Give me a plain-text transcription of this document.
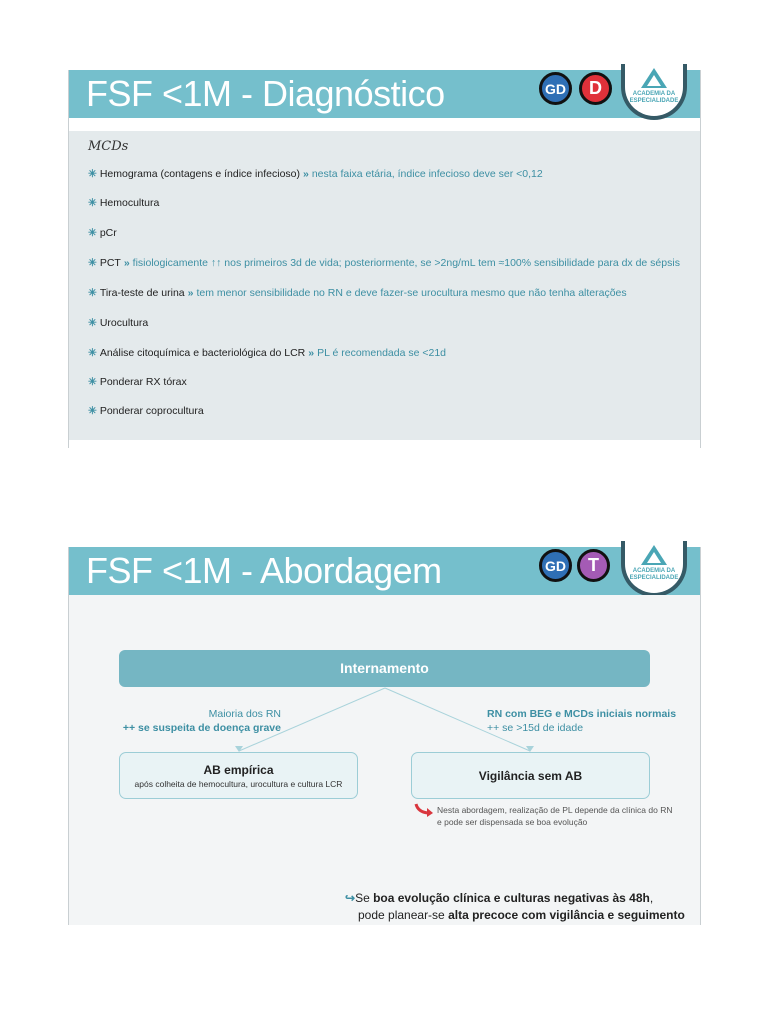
FSF <1M - Diagnóstico	GD	D	ACADEMIA DA ESPECIALIDADE
MCDs
✳ Hemograma (contagens e índice infecioso) » nesta faixa etária, índice infecioso deve ser <0,12
✳ Hemocultura
✳ pCr
✳ PCT » fisiologicamente ↑↑ nos primeiros 3d de vida; posteriormente, se >2ng/mL tem ≈100% sensibilidade para dx de sépsis
✳ Tira-teste de urina » tem menor sensibilidade no RN e deve fazer-se urocultura mesmo que não tenha alterações
✳ Urocultura
✳ Análise citoquímica e bacteriológica do LCR » PL é recomendada se <21d
✳ Ponderar RX tórax
✳ Ponderar coprocultura
FSF <1M - Abordagem	GD	T	ACADEMIA DA ESPECIALIDADE
Internamento
Maioria dos RN
++ se suspeita de doença grave
RN com BEG e MCDs iniciais normais
++ se >15d de idade
AB empírica
após colheita de hemocultura, urocultura e cultura LCR
Vigilância sem AB
Nesta abordagem, realização de PL depende da clínica do RN
e pode ser dispensada se boa evolução
↪Se boa evolução clínica e culturas negativas às 48h,
pode planear-se alta precoce com vigilância e seguimento
